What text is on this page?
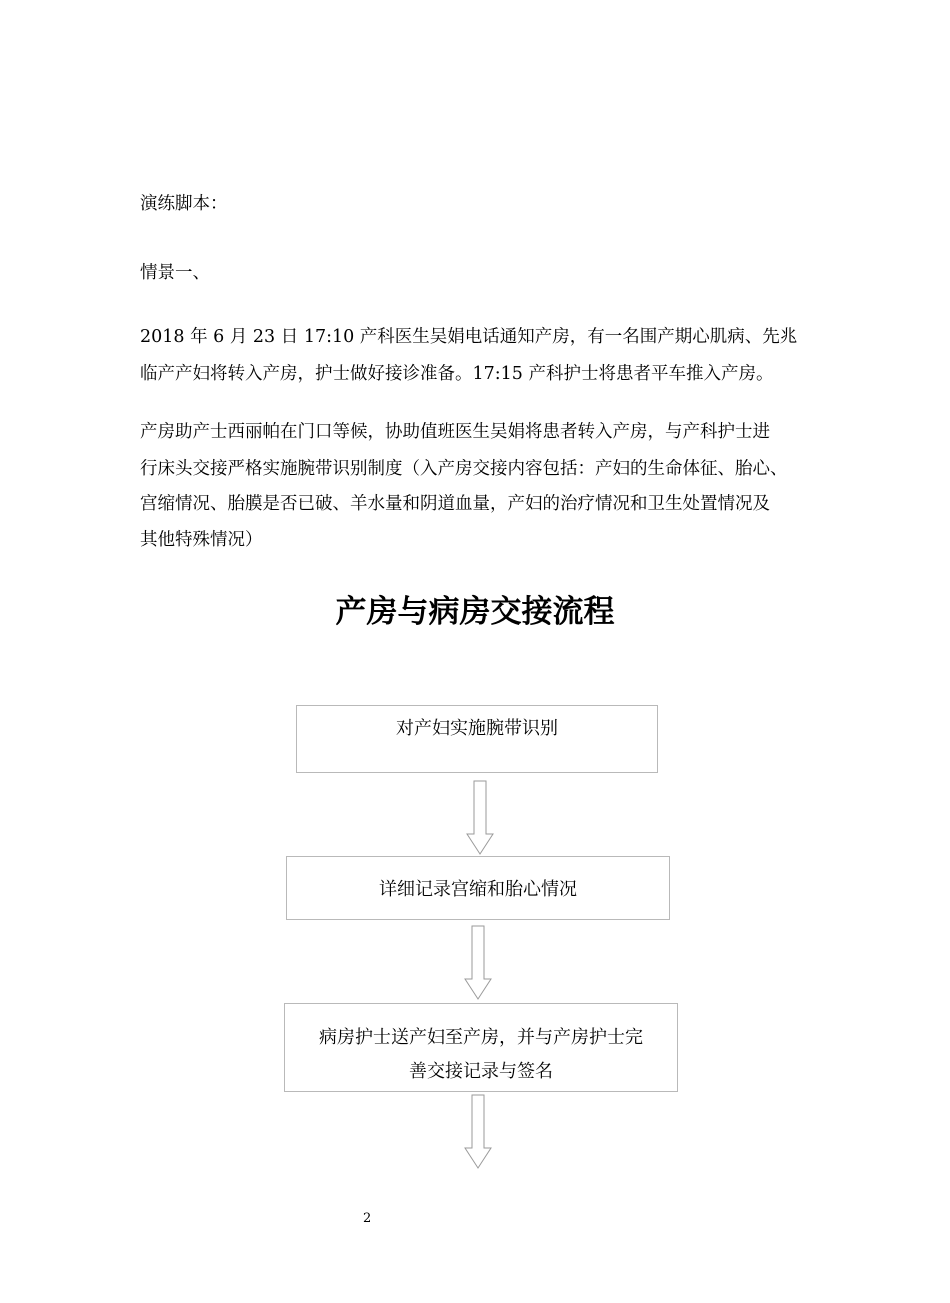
演练脚本：
情景一、
2018 年 6 月 23 日 17:10 产科医生吴娟电话通知产房，有一名围产期心肌病、先兆
临产产妇将转入产房，护士做好接诊准备。17:15 产科护士将患者平车推入产房。
产房助产士西丽帕在门口等候，协助值班医生吴娟将患者转入产房，与产科护士进
行床头交接严格实施腕带识别制度（入产房交接内容包括：产妇的生命体征、胎心、
宫缩情况、胎膜是否已破、羊水量和阴道血量，产妇的治疗情况和卫生处置情况及
其他特殊情况）
产房与病房交接流程
对产妇实施腕带识别
详细记录宫缩和胎心情况
病房护士送产妇至产房，并与产房护士完
善交接记录与签名
2
